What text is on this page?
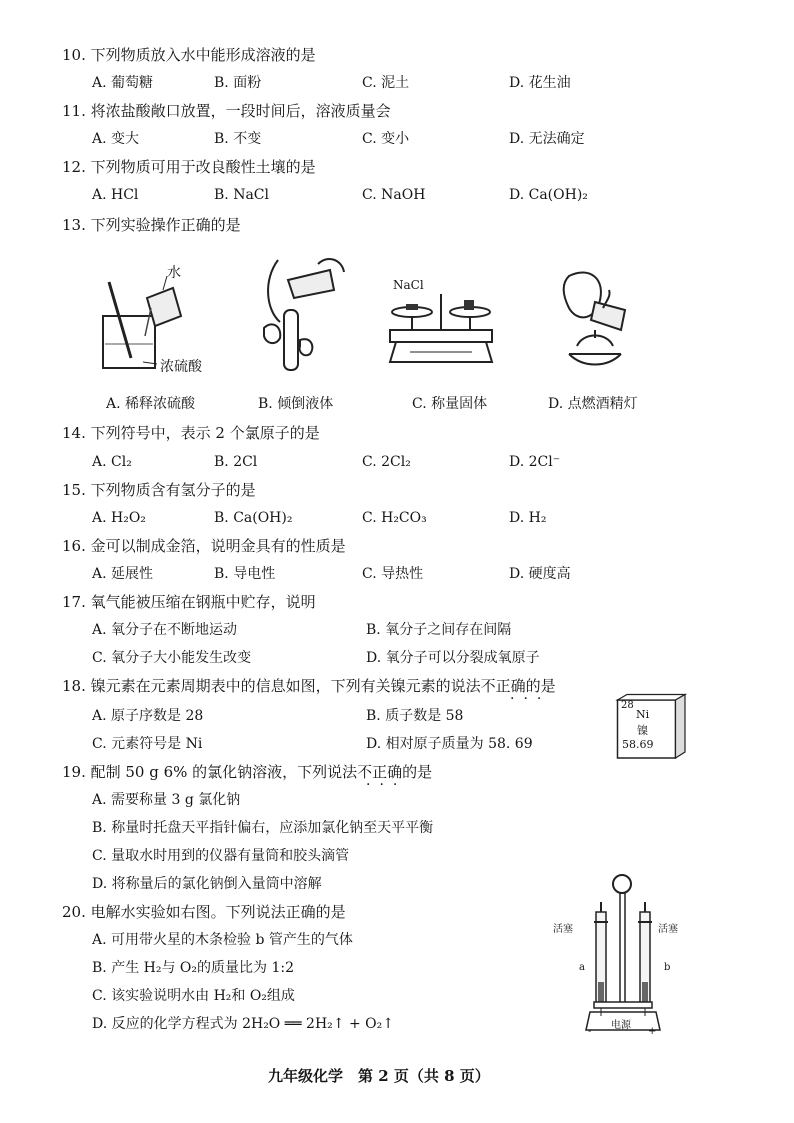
10. 下列物质放入水中能形成溶液的是
A. 葡萄糖	B. 面粉	C. 泥土	D. 花生油
11. 将浓盐酸敞口放置，一段时间后，溶液质量会
A. 变大	B. 不变	C. 变小	D. 无法确定
12. 下列物质可用于改良酸性土壤的是
A. HCl	B. NaCl	C. NaOH	D. Ca(OH)₂
13. 下列实验操作正确的是
水
浓硫酸
NaCl
A. 稀释浓硫酸	B. 倾倒液体	C. 称量固体	D. 点燃酒精灯
14. 下列符号中，表示 2 个氯原子的是
A. Cl₂	B. 2Cl	C. 2Cl₂	D. 2Cl⁻
15. 下列物质含有氢分子的是
A. H₂O₂	B. Ca(OH)₂	C. H₂CO₃	D. H₂
16. 金可以制成金箔，说明金具有的性质是
A. 延展性	B. 导电性	C. 导热性	D. 硬度高
17. 氧气能被压缩在钢瓶中贮存，说明
A. 氧分子在不断地运动	B. 氧分子之间存在间隔
C. 氧分子大小能发生改变	D. 氧分子可以分裂成氧原子
18. 镍元素在元素周期表中的信息如图，下列有关镍元素的说法不正确的是
···
A. 原子序数是 28	B. 质子数是 58
C. 元素符号是 Ni	D. 相对原子质量为 58. 69
28
Ni
镍
58.69
19. 配制 50 g 6% 的氯化钠溶液，下列说法不正确的是
···
A. 需要称量 3 g 氯化钠
B. 称量时托盘天平指针偏右，应添加氯化钠至天平平衡
C. 量取水时用到的仪器有量筒和胶头滴管
D. 将称量后的氯化钠倒入量筒中溶解
20. 电解水实验如右图。下列说法正确的是
A. 可用带火星的木条检验 b 管产生的气体
B. 产生 H₂与 O₂的质量比为 1:2
C. 该实验说明水由 H₂和 O₂组成
D. 反应的化学方程式为 2H₂O ══ 2H₂↑ + O₂↑
活塞	活塞
a	b
电源
-	+
九年级化学　第 2 页（共 8 页）
